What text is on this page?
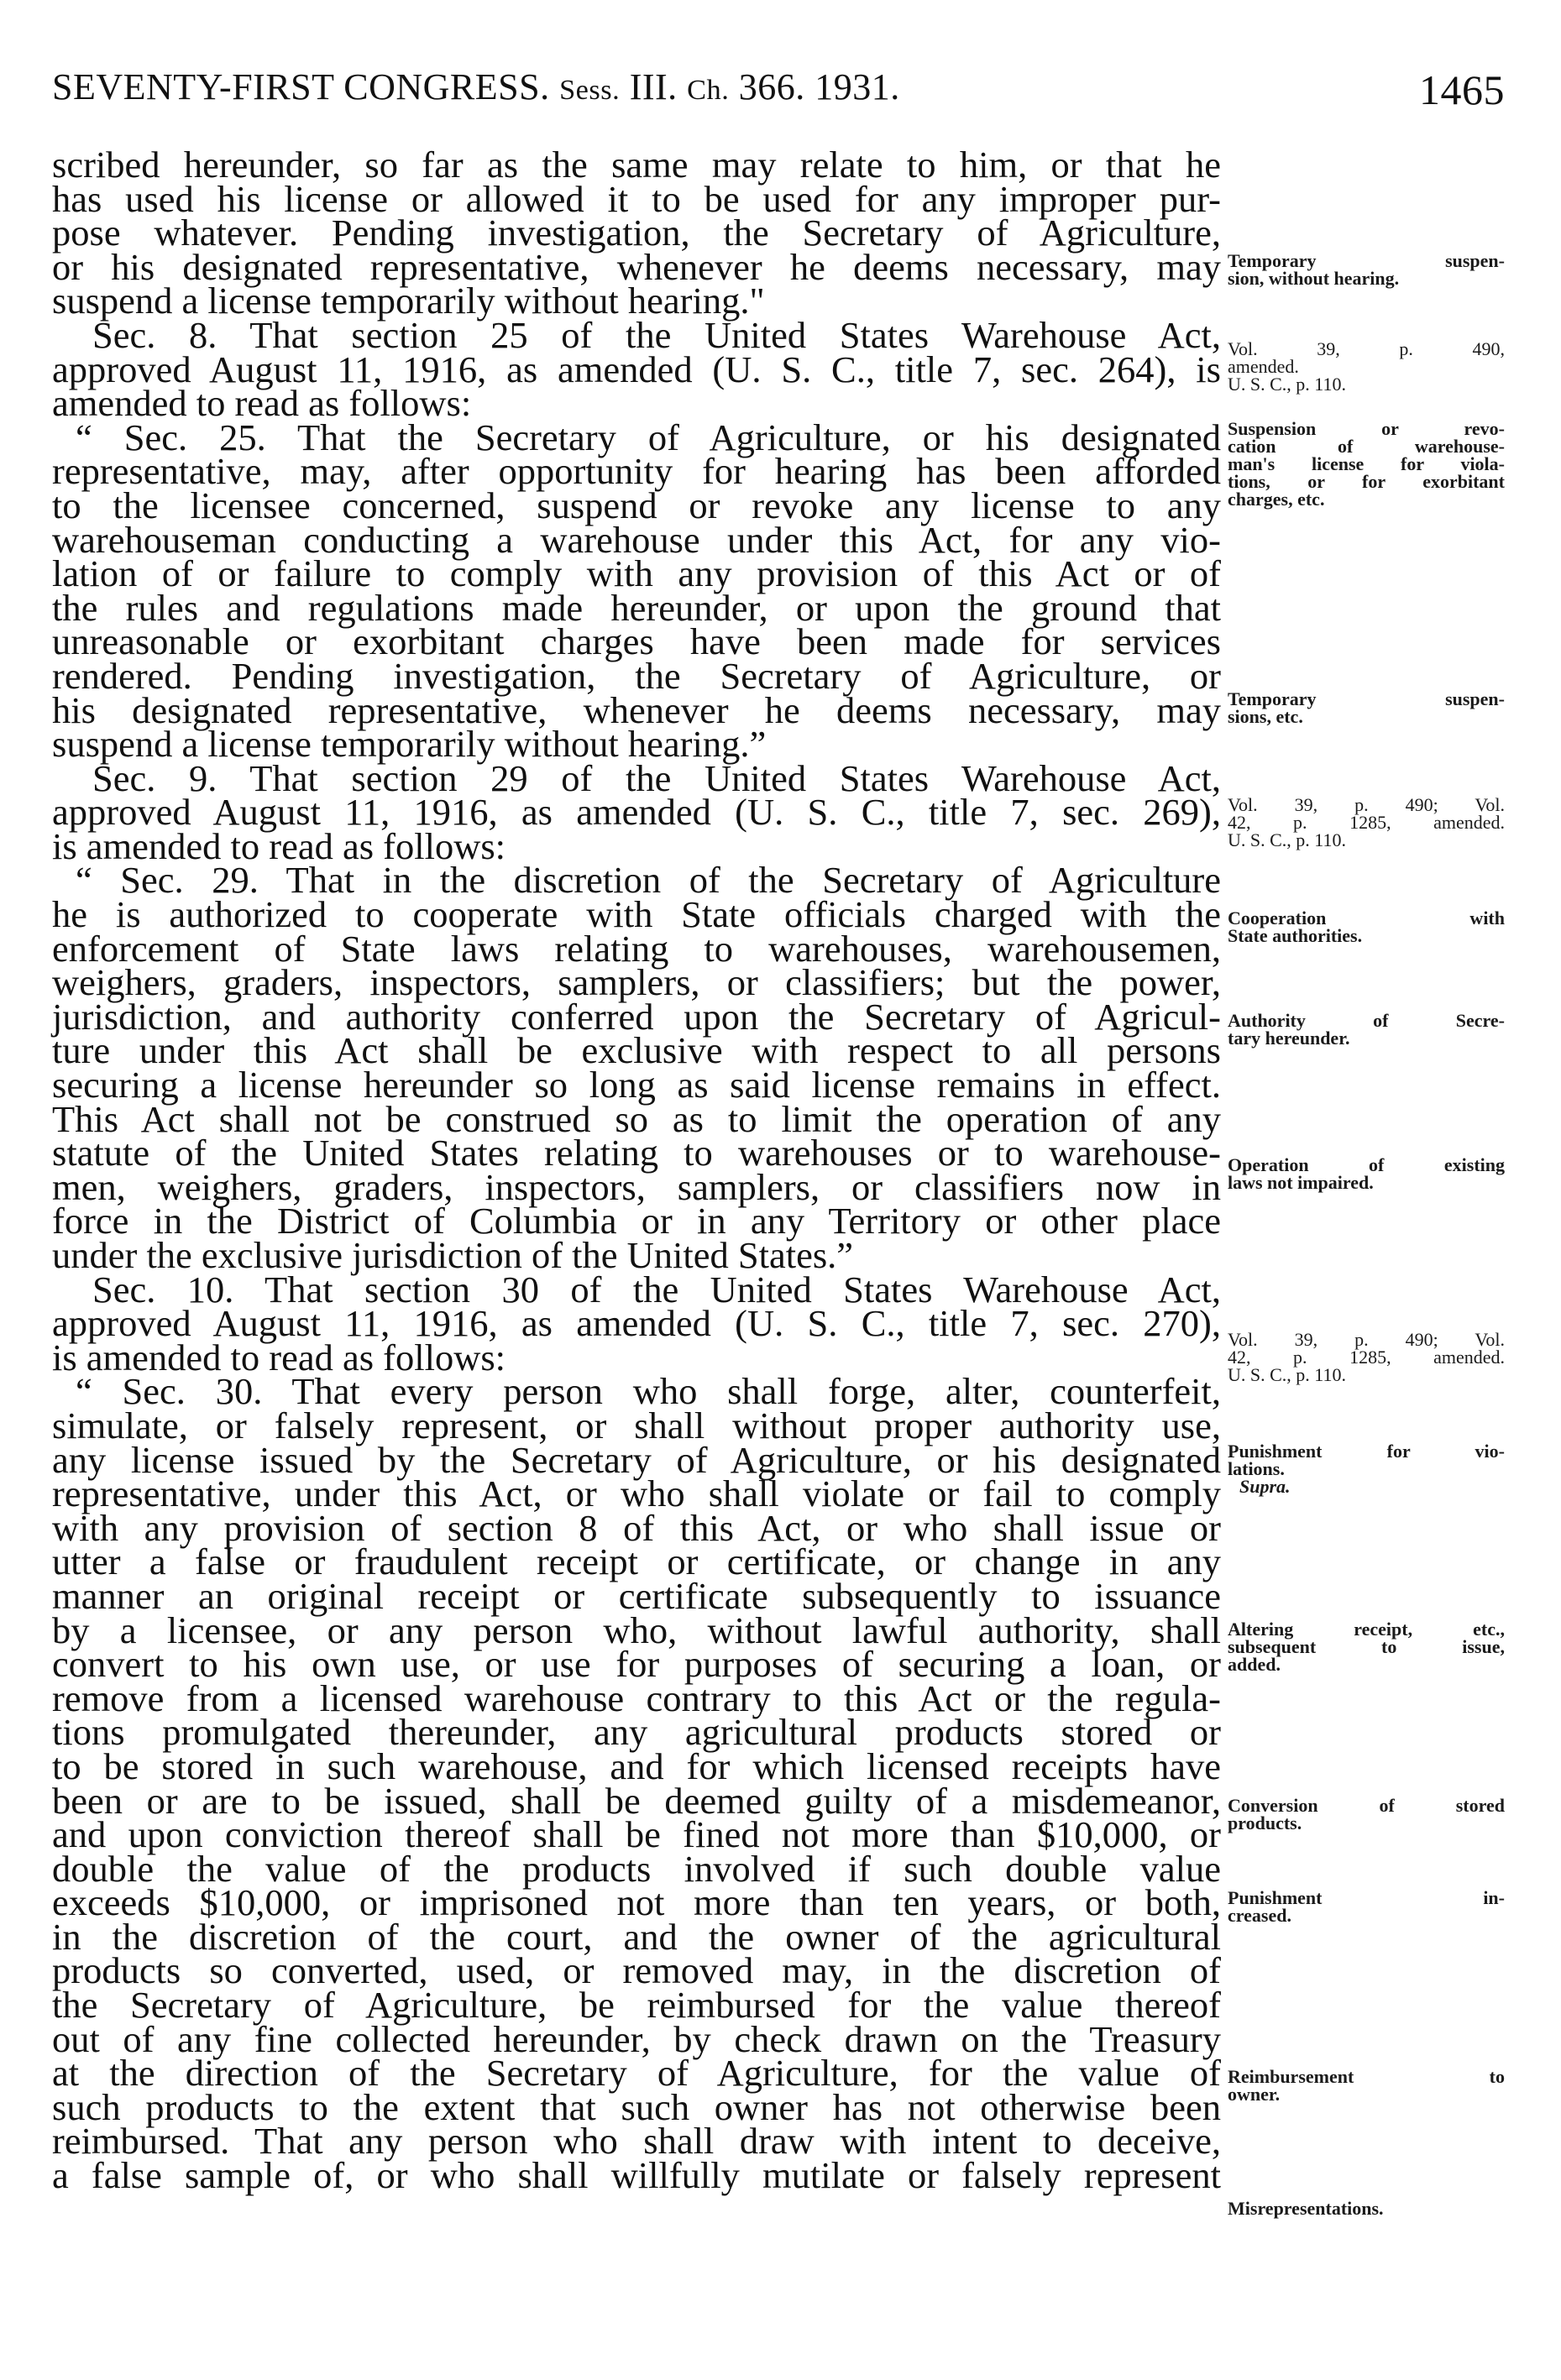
SEVENTY-FIRST CONGRESS. Sess. III. Ch. 366. 1931.	1465
scribed hereunder, so far as the same may relate to him, or that he
has used his license or allowed it to be used for any improper pur-
pose whatever. Pending investigation, the Secretary of Agriculture,
or his designated representative, whenever he deems necessary, may
suspend a license temporarily without hearing."
Sec. 8. That section 25 of the United States Warehouse Act,
approved August 11, 1916, as amended (U. S. C., title 7, sec. 264), is
amended to read as follows:
“ Sec. 25. That the Secretary of Agriculture, or his designated
representative, may, after opportunity for hearing has been afforded
to the licensee concerned, suspend or revoke any license to any
warehouseman conducting a warehouse under this Act, for any vio-
lation of or failure to comply with any provision of this Act or of
the rules and regulations made hereunder, or upon the ground that
unreasonable or exorbitant charges have been made for services
rendered. Pending investigation, the Secretary of Agriculture, or
his designated representative, whenever he deems necessary, may
suspend a license temporarily without hearing.”
Sec. 9. That section 29 of the United States Warehouse Act,
approved August 11, 1916, as amended (U. S. C., title 7, sec. 269),
is amended to read as follows:
“ Sec. 29. That in the discretion of the Secretary of Agriculture
he is authorized to cooperate with State officials charged with the
enforcement of State laws relating to warehouses, warehousemen,
weighers, graders, inspectors, samplers, or classifiers; but the power,
jurisdiction, and authority conferred upon the Secretary of Agricul-
ture under this Act shall be exclusive with respect to all persons
securing a license hereunder so long as said license remains in effect.
This Act shall not be construed so as to limit the operation of any
statute of the United States relating to warehouses or to warehouse-
men, weighers, graders, inspectors, samplers, or classifiers now in
force in the District of Columbia or in any Territory or other place
under the exclusive jurisdiction of the United States.”
Sec. 10. That section 30 of the United States Warehouse Act,
approved August 11, 1916, as amended (U. S. C., title 7, sec. 270),
is amended to read as follows:
“ Sec. 30. That every person who shall forge, alter, counterfeit,
simulate, or falsely represent, or shall without proper authority use,
any license issued by the Secretary of Agriculture, or his designated
representative, under this Act, or who shall violate or fail to comply
with any provision of section 8 of this Act, or who shall issue or
utter a false or fraudulent receipt or certificate, or change in any
manner an original receipt or certificate subsequently to issuance
by a licensee, or any person who, without lawful authority, shall
convert to his own use, or use for purposes of securing a loan, or
remove from a licensed warehouse contrary to this Act or the regula-
tions promulgated thereunder, any agricultural products stored or
to be stored in such warehouse, and for which licensed receipts have
been or are to be issued, shall be deemed guilty of a misdemeanor,
and upon conviction thereof shall be fined not more than $10,000, or
double the value of the products involved if such double value
exceeds $10,000, or imprisoned not more than ten years, or both,
in the discretion of the court, and the owner of the agricultural
products so converted, used, or removed may, in the discretion of
the Secretary of Agriculture, be reimbursed for the value thereof
out of any fine collected hereunder, by check drawn on the Treasury
at the direction of the Secretary of Agriculture, for the value of
such products to the extent that such owner has not otherwise been
reimbursed. That any person who shall draw with intent to deceive,
a false sample of, or who shall willfully mutilate or falsely represent
Temporary suspen-
sion, without hearing.
Vol. 39, p. 490,
amended.
U. S. C., p. 110.
Suspension or revo-
cation of warehouse-
man's license for viola-
tions, or for exorbitant
charges, etc.
Temporary suspen-
sions, etc.
Vol. 39, p. 490; Vol.
42, p. 1285, amended.
U. S. C., p. 110.
Cooperation with
State authorities.
Authority of Secre-
tary hereunder.
Operation of existing
laws not impaired.
Vol. 39, p. 490; Vol.
42, p. 1285, amended.
U. S. C., p. 110.
Punishment for vio-
lations.
Supra.
Altering receipt, etc.,
subsequent to issue,
added.
Conversion of stored
products.
Punishment in-
creased.
Reimbursement to
owner.
Misrepresentations.
